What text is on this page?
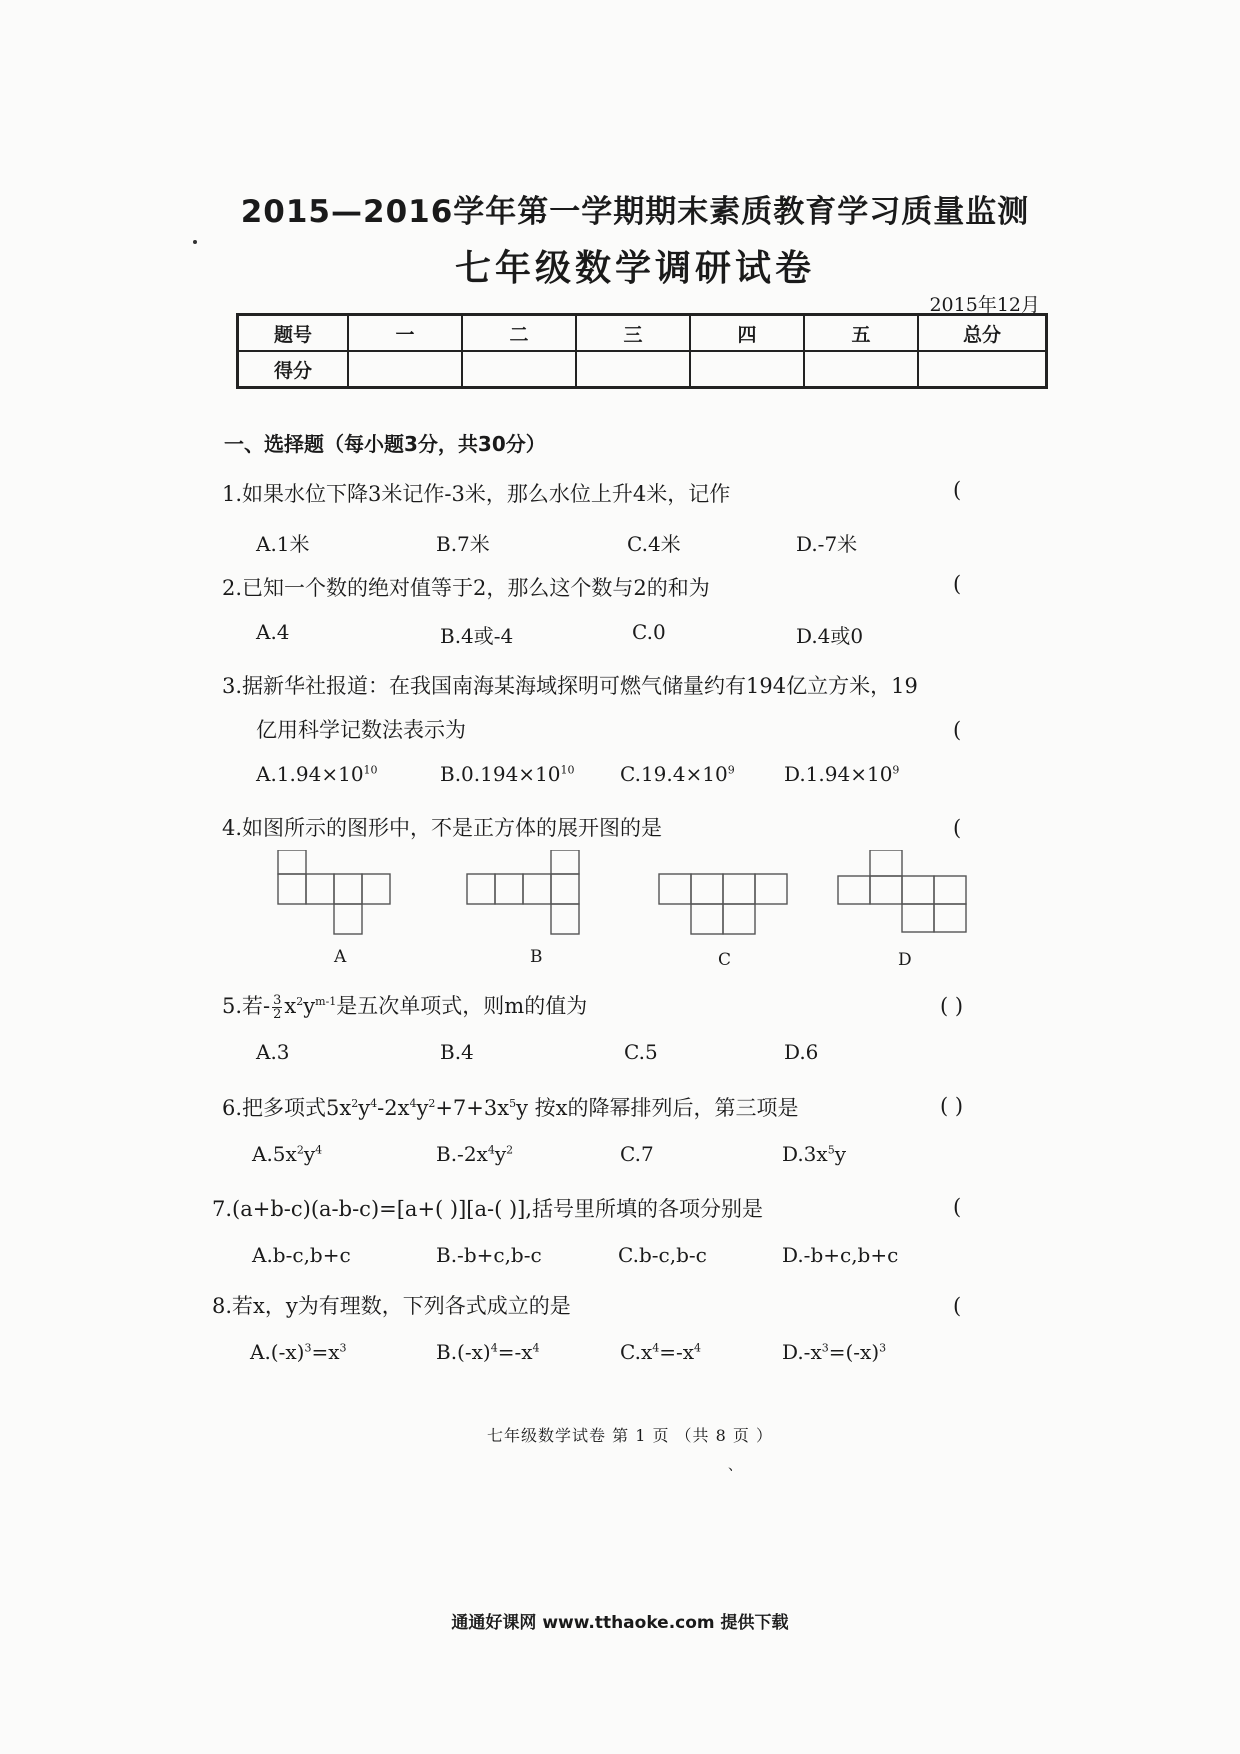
2015—2016学年第一学期期末素质教育学习质量监测
七年级数学调研试卷
2015年12月
题号	一	二	三	四	五	总分
得分						
一、选择题（每小题3分，共30分）
1.如果水位下降3米记作-3米，那么水位上升4米，记作	(
A.1米	B.7米	C.4米	D.-7米
2.已知一个数的绝对值等于2，那么这个数与2的和为	(
A.4	B.4或-4	C.0	D.4或0
3.据新华社报道：在我国南海某海域探明可燃气储量约有194亿立方米，19
亿用科学记数法表示为	(
$A.1.94\times 10^{10}$	$B.0.194\times 10^{10}$ $C.19.4\times 10^9$ $D.1.94\times 10^9$
4.如图所示的图形中，不是正方体的展开图的是	(
A	B	C	D
5.若- $\frac{3}{2} x^2y^{m-1}$是五次单项式，则m的值为	( )
A.3	B.4	C.5	D.6
6.把多项式$5x^2y^4-2x^4y^2+7+3x^5y$ 按x的降幂排列后，第三项是	( )
$A.5x^2y^4$	$B.-2x^4y^2$	C.7	$D.3x^5y$
7.(a+b-c)(a-b-c)=[a+( )][a-( )],括号里所填的各项分别是	(
A.b-c,b+c	B.-b+c,b-c	C.b-c,b-c	D.-b+c,b+c
8.若x，y为有理数，下列各式成立的是	(
$A.(-x)^3=x^3$	$B.(-x)^4=-x^4$	$C.x^4=-x^4$	$D.-x^3=(-x)^3$
七年级数学试卷 第 1 页 （共 8 页 ）
、
通通好课网 www.tthaoke.com 提供下载
